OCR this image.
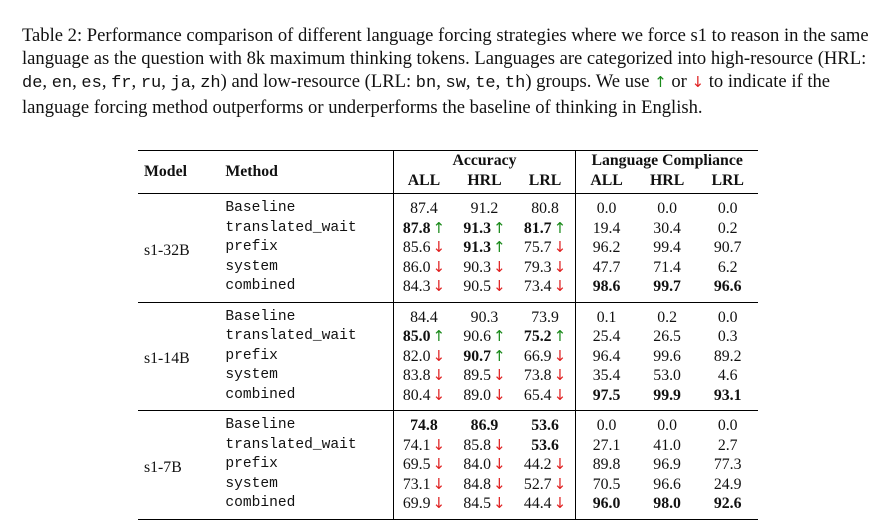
Table 2: Performance comparison of different language forcing strategies where we force s1 to reason in the same language as the question with 8k maximum thinking tokens. Languages are categorized into high-resource (HRL: de, en, es, fr, ru, ja, zh) and low-resource (LRL: bn, sw, te, th) groups. We use ↑ or ↓ to indicate if the language forcing method outperforms or underperforms the baseline of thinking in English.
Model	Method	Accuracy			Language Compliance		
		ALL	HRL	LRL	ALL	HRL	LRL
s1-32B	Baseline	87.4	91.2	80.8	0.0	0.0	0.0
	translated_wait	87.8 ↑	91.3 ↑	81.7 ↑	19.4	30.4	0.2
	prefix	85.6 ↓	91.3 ↑	75.7 ↓	96.2	99.4	90.7
	system	86.0 ↓	90.3 ↓	79.3 ↓	47.7	71.4	6.2
	combined	84.3 ↓	90.5 ↓	73.4 ↓	98.6	99.7	96.6
s1-14B	Baseline	84.4	90.3	73.9	0.1	0.2	0.0
	translated_wait	85.0 ↑	90.6 ↑	75.2 ↑	25.4	26.5	0.3
	prefix	82.0 ↓	90.7 ↑	66.9 ↓	96.4	99.6	89.2
	system	83.8 ↓	89.5 ↓	73.8 ↓	35.4	53.0	4.6
	combined	80.4 ↓	89.0 ↓	65.4 ↓	97.5	99.9	93.1
s1-7B	Baseline	74.8	86.9	53.6	0.0	0.0	0.0
	translated_wait	74.1 ↓	85.8 ↓	53.6	27.1	41.0	2.7
	prefix	69.5 ↓	84.0 ↓	44.2 ↓	89.8	96.9	77.3
	system	73.1 ↓	84.8 ↓	52.7 ↓	70.5	96.6	24.9
	combined	69.9 ↓	84.5 ↓	44.4 ↓	96.0	98.0	92.6
